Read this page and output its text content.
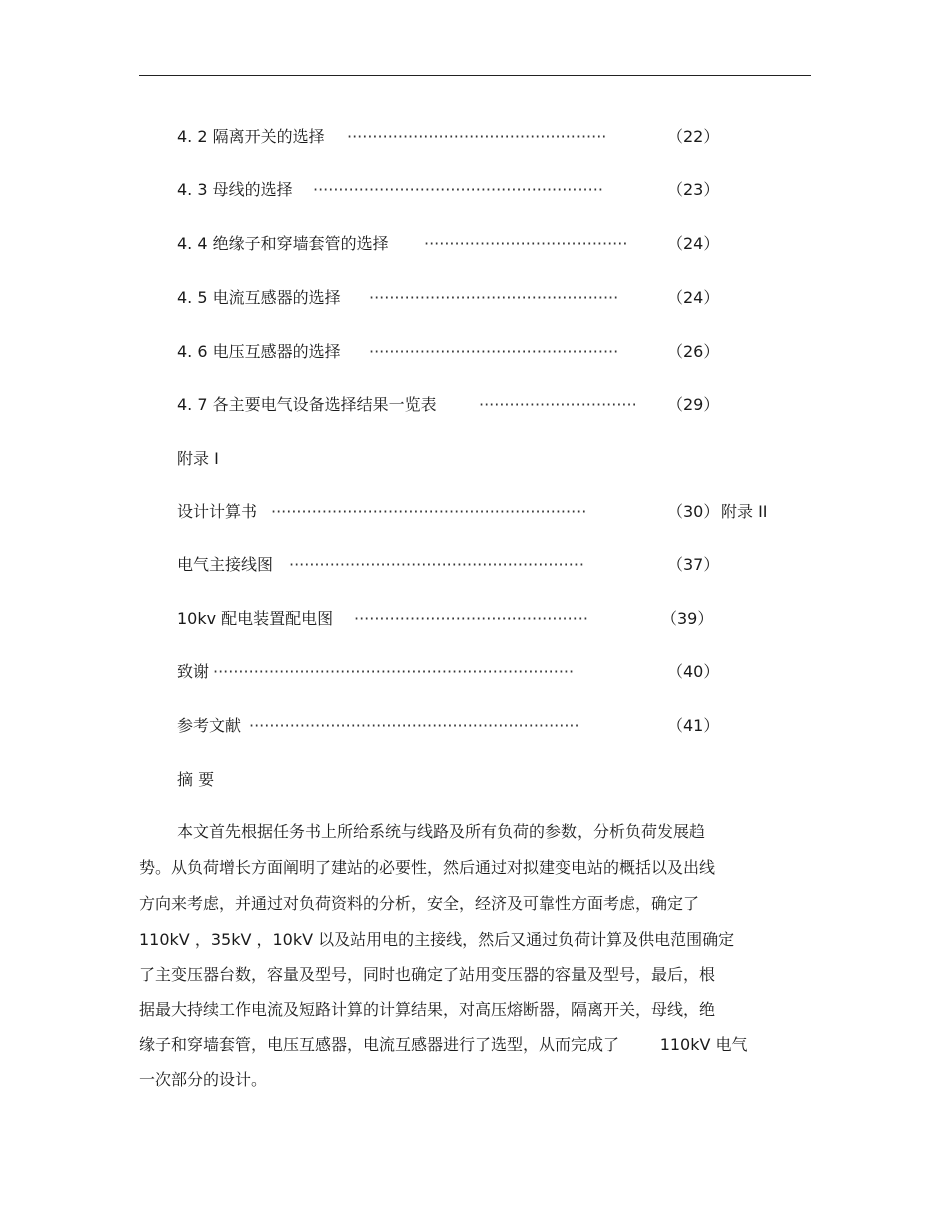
4. 2 隔离开关的选择 ···················································	（22）
4. 3 母线的选择 ·························································	（23）
4. 4 绝缘子和穿墙套管的选择 ········································	（24）
4. 5 电流互感器的选择 ·················································	（24）
4. 6 电压互感器的选择 ·················································	（26）
4. 7 各主要电气设备选择结果一览表	·······························	（29）
附录 I
设计计算书 ······························································	（30） 附录 II
电气主接线图 ··························································	（37）
10kv 配电装置配电图 ··············································	（39）
致谢 ·······································································	（40）
参考文献 ·································································	（41）
摘 要
本文首先根据任务书上所给系统与线路及所有负荷的参数，分析负荷发展趋
势。从负荷增长方面阐明了建站的必要性，然后通过对拟建变电站的概括以及出线
方向来考虑，并通过对负荷资料的分析，安全，经济及可靠性方面考虑，确定了
110kV ，35kV ，10kV 以及站用电的主接线，然后又通过负荷计算及供电范围确定
了主变压器台数，容量及型号，同时也确定了站用变压器的容量及型号，最后，根
据最大持续工作电流及短路计算的计算结果，对高压熔断器，隔离开关，母线，绝
缘子和穿墙套管，电压互感器，电流互感器进行了选型，从而完成了        110kV 电气
一次部分的设计。
